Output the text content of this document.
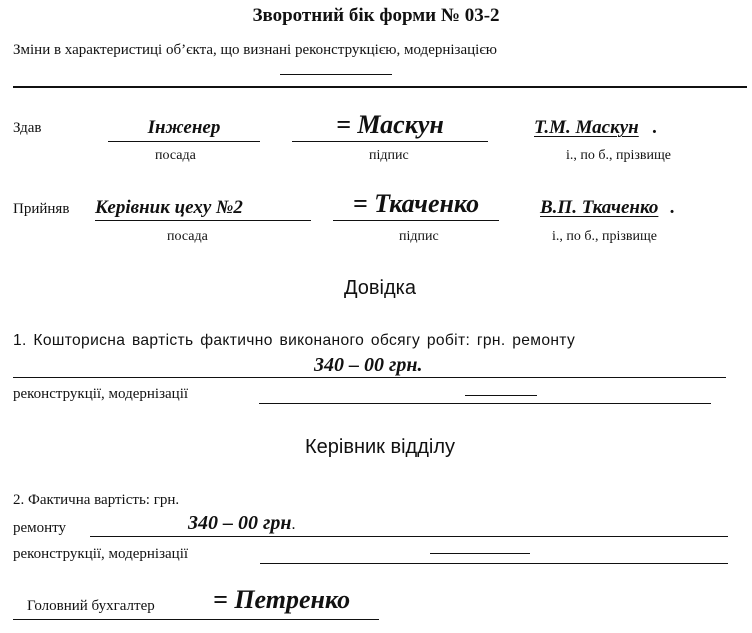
Зворотний бік форми № 03-2
Зміни в характеристиці об’єкта, що визнані реконструкцією, модернізацією
Здав	Інженер	= Маскун	Т.М. Маскун .
посада	підпис	і., по б., прізвище
Прийняв Керівник цеху №2	= Ткаченко	В.П. Ткаченко .
посада	підпис	і., по б., прізвище
Довідка
1. Кошторисна вартість фактично виконаного обсягу робіт: грн. ремонту
340 – 00 грн.
реконструкції, модернізації
Керівник відділу
2. Фактична вартість: грн.
ремонту	340 – 00 грн.
реконструкції, модернізації
Головний бухгалтер = Петренко
